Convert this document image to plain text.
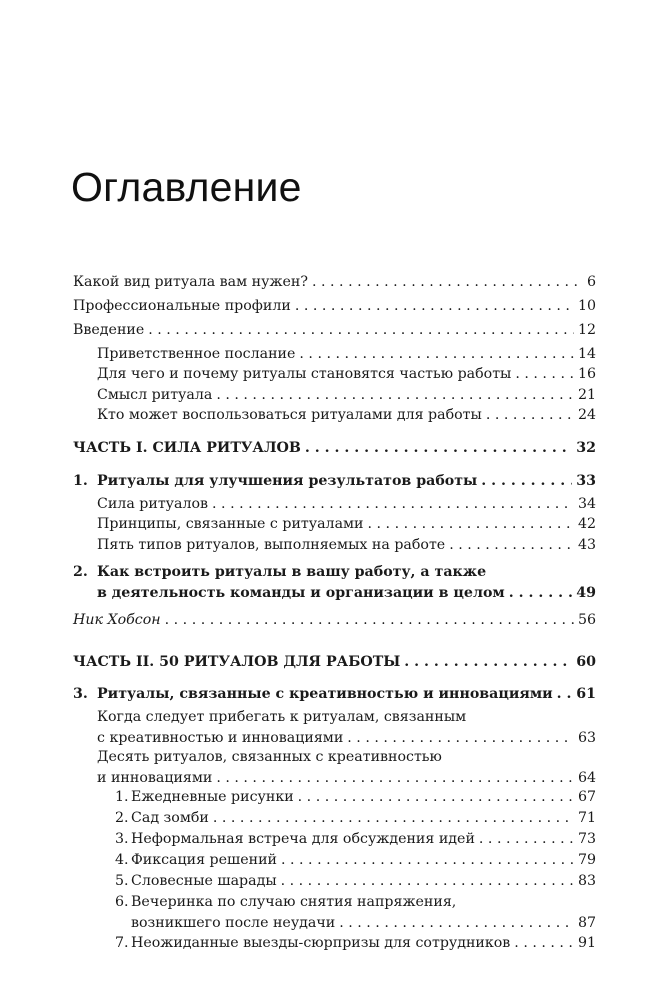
Оглавление
Какой вид ритуала вам нужен? . . .	6
Профессиональные профили . . .	10
Введение . . .	12
Приветственное послание . . .	14
Для чего и почему ритуалы становятся частью работы . . .	16
Смысл ритуала . . .	21
Кто может воспользоваться ритуалами для работы . . .	24
ЧАСТЬ I. СИЛА РИТУАЛОВ . . .	32
1. Ритуалы для улучшения результатов работы . . .	33
Сила ритуалов . . .	34
Принципы, связанные с ритуалами . . .	42
Пять типов ритуалов, выполняемых на работе . . .	43
2. Как встроить ритуалы в вашу работу, а также
в деятельность команды и организации в целом . . .	49
Ник Хобсон . . .	56
ЧАСТЬ II. 50 РИТУАЛОВ ДЛЯ РАБОТЫ . . .	60
3. Ритуалы, связанные с креативностью и инновациями . . . 61
Когда следует прибегать к ритуалам, связанным
с креативностью и инновациями . . .	63
Десять ритуалов, связанных с креативностью
и инновациями . . .	64
1. Ежедневные рисунки . . .	67
2. Сад зомби . . .	71
3. Неформальная встреча для обсуждения идей . . .	73
4. Фиксация решений . . .	79
5. Словесные шарады . . .	83
6. Вечеринка по случаю снятия напряжения,
возникшего после неудачи . . .	87
7. Неожиданные выезды-сюрпризы для сотрудников . . .	91
